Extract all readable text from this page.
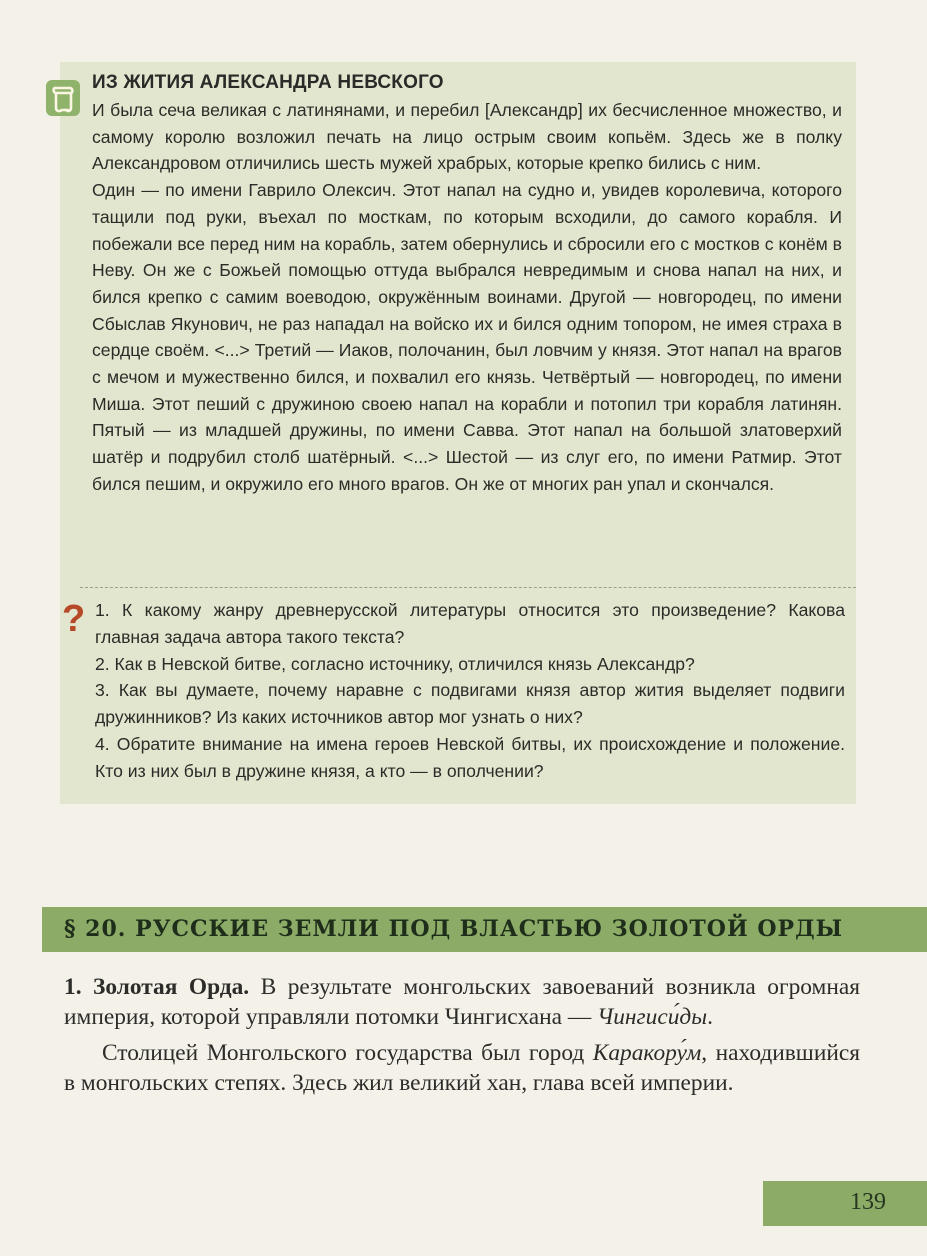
ИЗ ЖИТИЯ АЛЕКСАНДРА НЕВСКОГО

И была сеча великая с латинянами, и перебил [Александр] их бесчисленное множество, и самому королю возложил печать на лицо острым своим копьём. Здесь же в полку Александровом отличились шесть мужей храбрых, которые крепко бились с ним.

Один — по имени Гаврило Олексич. Этот напал на судно и, увидев королевича, которого тащили под руки, въехал по мосткам, по которым всходили, до самого корабля. И побежали все перед ним на корабль, затем обернулись и сбросили его с мостков с конём в Неву. Он же с Божьей помощью оттуда выбрался невредимым и снова напал на них, и бился крепко с самим воеводою, окружённым воинами. Другой — новгородец, по имени Сбыслав Якунович, не раз нападал на войско их и бился одним топором, не имея страха в сердце своём. <...> Третий — Иаков, полочанин, был ловчим у князя. Этот напал на врагов с мечом и мужественно бился, и похвалил его князь. Четвёртый — новгородец, по имени Миша. Этот пеший с дружиною своею напал на корабли и потопил три корабля латинян. Пятый — из младшей дружины, по имени Савва. Этот напал на большой златоверхий шатёр и подрубил столб шатёрный. <...> Шестой — из слуг его, по имени Ратмир. Этот бился пешим, и окружило его много врагов. Он же от многих ран упал и скончался.

? 1. К какому жанру древнерусской литературы относится это произведение? Какова главная задача автора такого текста?

2. Как в Невской битве, согласно источнику, отличился князь Александр?

3. Как вы думаете, почему наравне с подвигами князя автор жития выделяет подвиги дружинников? Из каких источников автор мог узнать о них?

4. Обратите внимание на имена героев Невской битвы, их происхождение и положение. Кто из них был в дружине князя, а кто — в ополчении?

§ 20. РУССКИЕ ЗЕМЛИ ПОД ВЛАСТЬЮ ЗОЛОТОЙ ОРДЫ

1. Золотая Орда. В результате монгольских завоеваний возникла огромная империя, которой управляли потомки Чингисхана — Чингиси́ды.

Столицей Монгольского государства был город Каракору́м, находившийся в монгольских степях. Здесь жил великий хан, глава всей империи.

139
